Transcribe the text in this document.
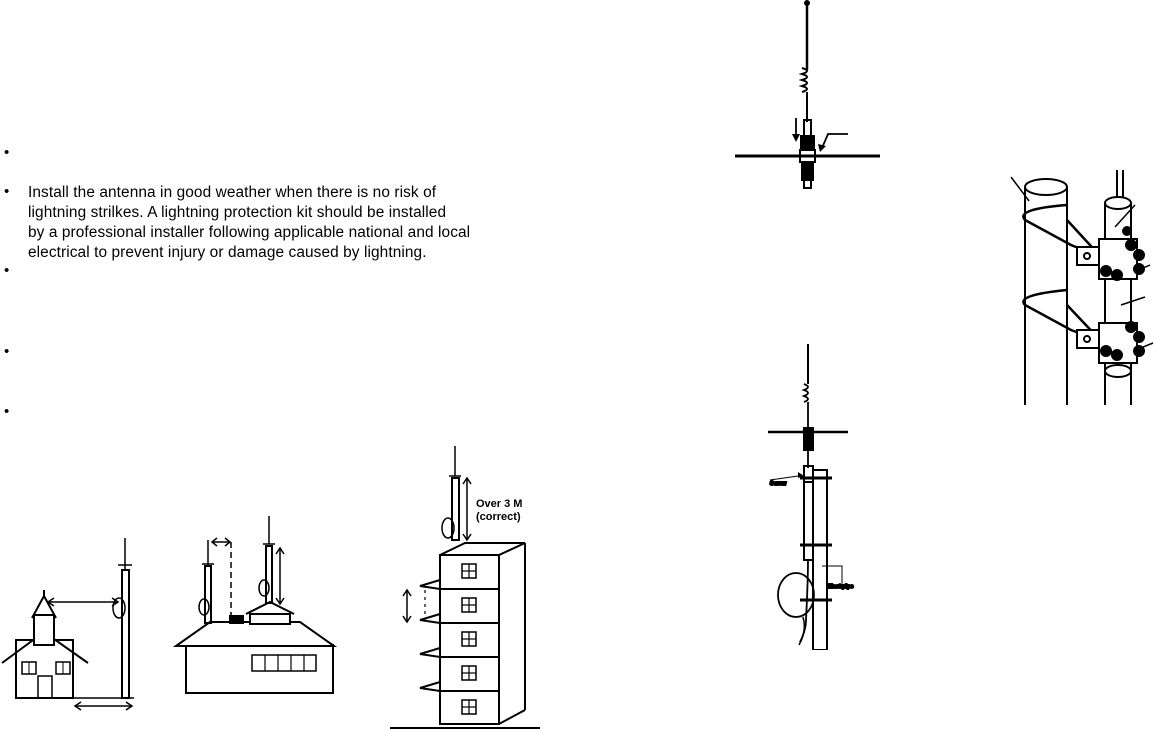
•
•
•
•
•
Install the antenna in good weather when there is no risk of
lightning strilkes. A lightning protection kit should be installed
by a professional installer following applicable national and local
electrical to prevent injury or damage caused by lightning.
Over 3 M
(correct)
Screw
Mast pipe
